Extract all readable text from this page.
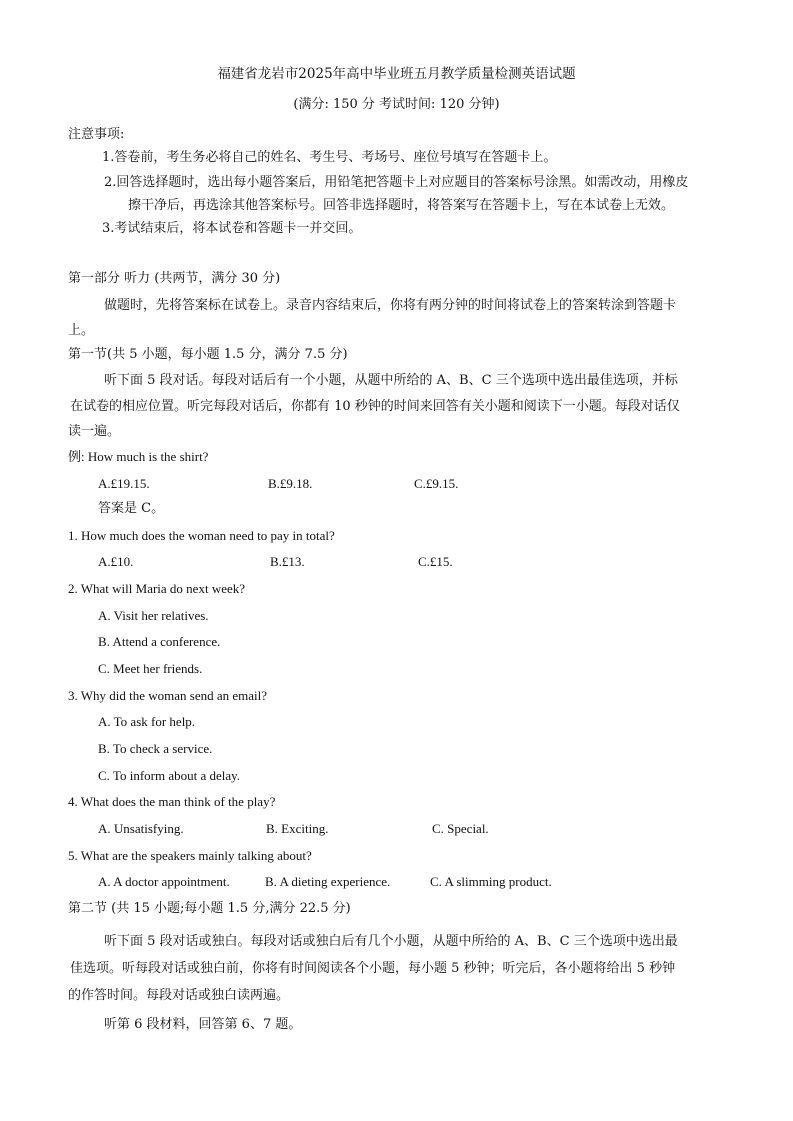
福建省龙岩市2025年高中毕业班五月教学质量检测英语试题
(满分: 150 分 考试时间: 120 分钟)
注意事项:
1.答卷前，考生务必将自己的姓名、考生号、考场号、座位号填写在答题卡上。
2.回答选择题时，选出每小题答案后，用铅笔把答题卡上对应题目的答案标号涂黑。如需改动，用橡皮
擦干净后，再选涂其他答案标号。回答非选择题时，将答案写在答题卡上，写在本试卷上无效。
3.考试结束后，将本试卷和答题卡一并交回。
第一部分 听力 (共两节，满分 30 分)
做题时，先将答案标在试卷上。录音内容结束后，你将有两分钟的时间将试卷上的答案转涂到答题卡
上。
第一节(共 5 小题，每小题 1.5 分，满分 7.5 分)
听下面 5 段对话。每段对话后有一个小题，从题中所给的 A、B、C 三个选项中选出最佳选项，并标
在试卷的相应位置。听完每段对话后，你都有 10 秒钟的时间来回答有关小题和阅读下一小题。每段对话仅
读一遍。
例: How much is the shirt?
A.£19.15.	B.£9.18.	C.£9.15.
答案是 C。
1. How much does the woman need to pay in total?
A.£10.	B.£13.	C.£15.
2. What will Maria do next week?
A. Visit her relatives.
B. Attend a conference.
C. Meet her friends.
3. Why did the woman send an email?
A. To ask for help.
B. To check a service.
C. To inform about a delay.
4. What does the man think of the play?
A. Unsatisfying.	B. Exciting.	C. Special.
5. What are the speakers mainly talking about?
A. A doctor appointment.	B. A dieting experience.	C. A slimming product.
第二节 (共 15 小题;每小题 1.5 分,满分 22.5 分)
听下面 5 段对话或独白。每段对话或独白后有几个小题，从题中所给的 A、B、C 三个选项中选出最
佳选项。听每段对话或独白前，你将有时间阅读各个小题，每小题 5 秒钟；听完后，各小题将给出 5 秒钟
的作答时间。每段对话或独白读两遍。
听第 6 段材料，回答第 6、7 题。
